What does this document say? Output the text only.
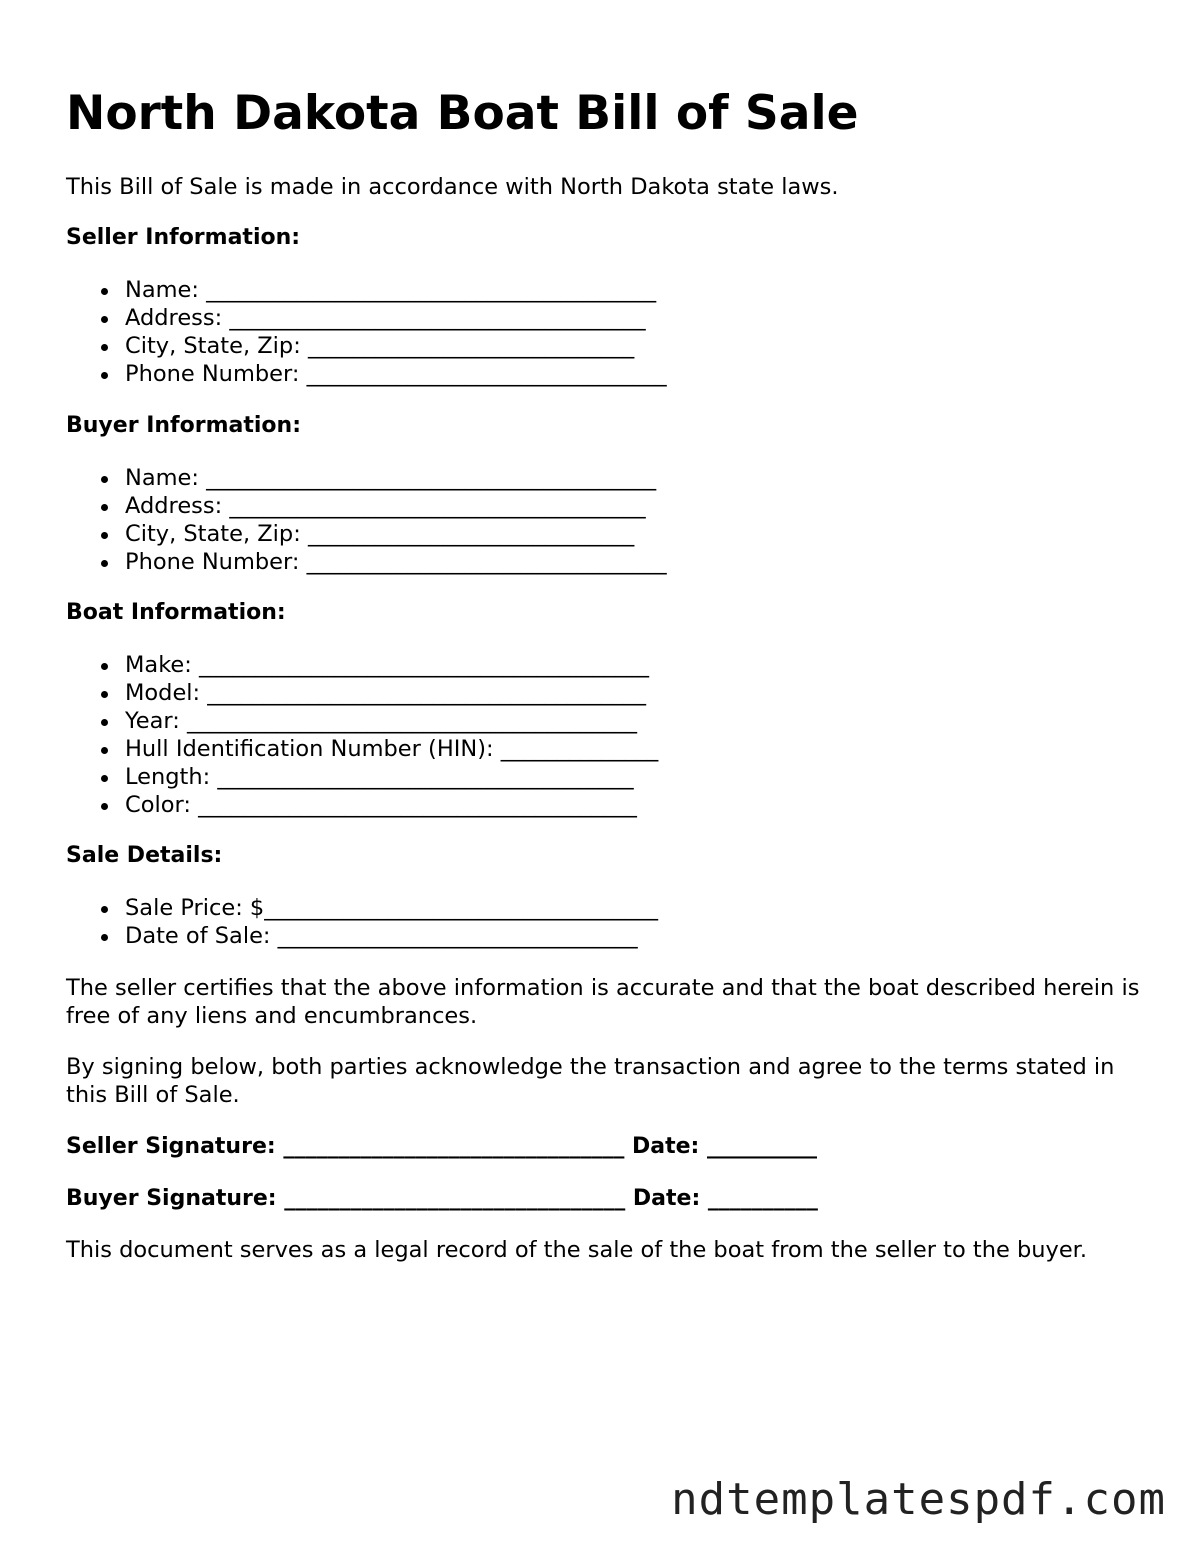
North Dakota Boat Bill of Sale

This Bill of Sale is made in accordance with North Dakota state laws.

Seller Information:

Name: ________________________________________
Address: _____________________________________
City, State, Zip: _____________________________
Phone Number: ________________________________

Buyer Information:

Name: ________________________________________
Address: _____________________________________
City, State, Zip: _____________________________
Phone Number: ________________________________

Boat Information:

Make: ________________________________________
Model: _______________________________________
Year: ________________________________________
Hull Identification Number (HIN): ______________
Length: _____________________________________
Color: _______________________________________

Sale Details:

Sale Price: $___________________________________
Date of Sale: ________________________________

The seller certifies that the above information is accurate and that the boat described herein is free of any liens and encumbrances.

By signing below, both parties acknowledge the transaction and agree to the terms stated in this Bill of Sale.

Seller Signature: _______________________________ Date: __________

Buyer Signature: _______________________________ Date: __________

This document serves as a legal record of the sale of the boat from the seller to the buyer.

ndtemplatespdf.com
